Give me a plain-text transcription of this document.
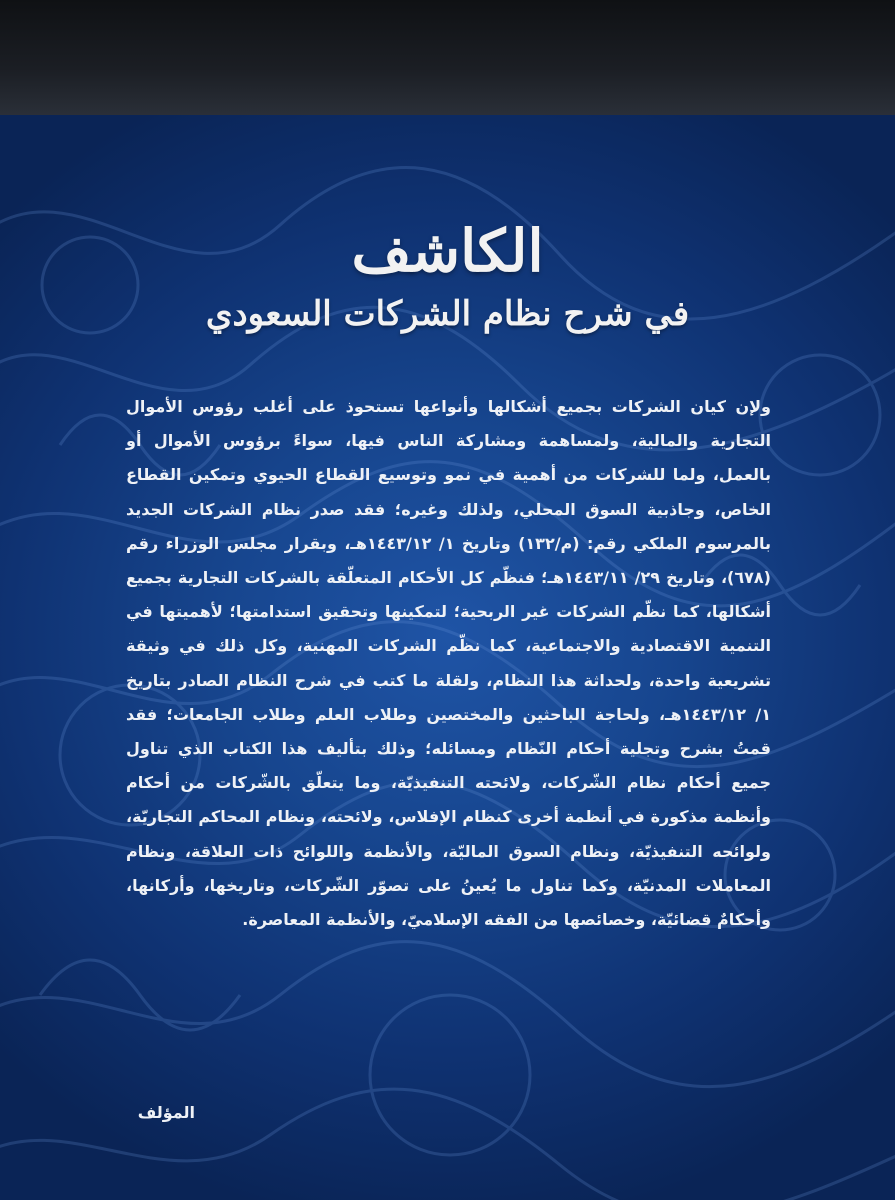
الكاشف
في شرح نظام الشركات السعودي

ولإن كيان الشركات بجميع أشكالها وأنواعها تستحوذ على أغلب رؤوس الأموال التجارية والمالية، ولمساهمة ومشاركة الناس فيها، سواءً برؤوس الأموال أو بالعمل، ولما للشركات من أهمية في نمو وتوسيع القطاع الحيوي وتمكين القطاع الخاص، وجاذبية السوق المحلي، ولذلك وغيره؛ فقد صدر نظام الشركات الجديد بالمرسوم الملكي رقم: (م/١٣٢) وتاريخ ١/ ١٤٤٣/١٢هـ، وبقرار مجلس الوزراء رقم (٦٧٨)، وتاريخ ٢٩/ ١٤٤٣/١١هـ؛ فنظّم كل الأحكام المتعلّقة بالشركات التجارية بجميع أشكالها، كما نظّم الشركات غير الربحية؛ لتمكينها وتحقيق استدامتها؛ لأهميتها في التنمية الاقتصادية والاجتماعية، كما نظّم الشركات المهنية، وكل ذلك في وثيقة تشريعية واحدة، ولحداثة هذا النظام، ولقلة ما كتب في شرح النظام الصادر بتاريخ ١/ ١٤٤٣/١٢هـ، ولحاجة الباحثين والمختصين وطلاب العلم وطلاب الجامعات؛ فقد قمتُ بشرح وتجلية أحكام النّظام ومسائله؛ وذلك بتأليف هذا الكتاب الذي تناول جميع أحكام نظام الشّركات، ولائحته التنفيذيّة، وما يتعلّق بالشّركات من أحكام وأنظمة مذكورة في أنظمة أخرى كنظام الإفلاس، ولائحته، ونظام المحاكم التجاريّة، ولوائحه التنفيذيّة، ونظام السوق الماليّة، والأنظمة واللوائح ذات العلاقة، ونظام المعاملات المدنيّة، وكما تناول ما يُعينُ على تصوّر الشّركات، وتاريخها، وأركانها، وأحكامٌ قضائيّة، وخصائصها من الفقه الإسلاميّ، والأنظمة المعاصرة.

المؤلف
